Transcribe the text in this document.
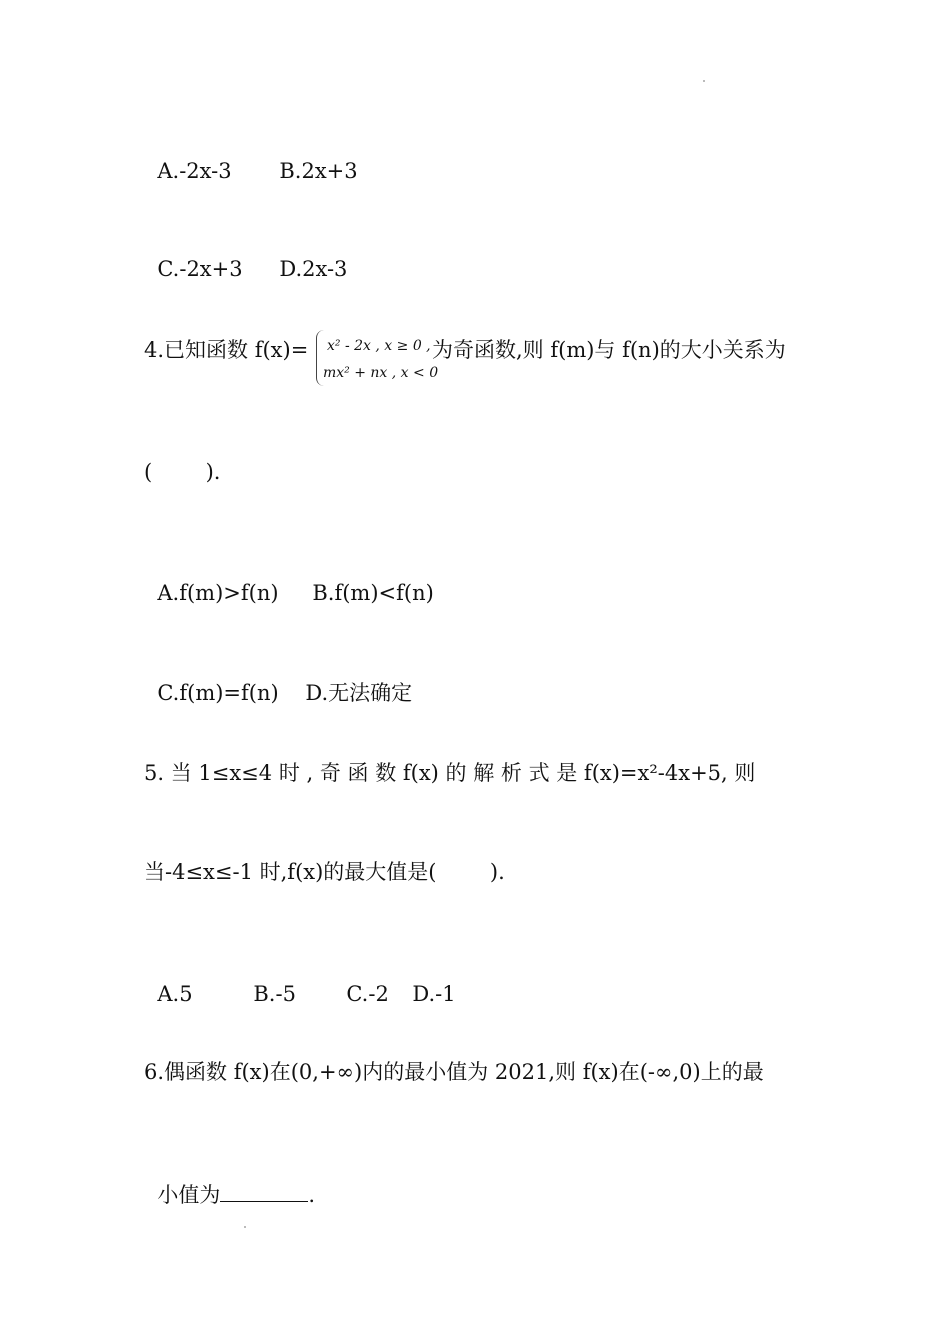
A.-2x-3 B.2x+3

C.-2x+3 D.2x-3

4.已知函数 f(x)= x² - 2x , x ≥ 0 ,
mx² + nx , x < 0
为奇函数,则 f(m)与 f(n)的大小关系为
(        ).

A.f(m)>f(n) B.f(m)<f(n)

C.f(m)=f(n) D.无法确定

5. 当 1≤x≤4 时 , 奇 函 数 f(x) 的 解 析 式 是 f(x)=x²-4x+5, 则
当-4≤x≤-1 时,f(x)的最大值是(        ).

A.5	B.-5 C.-2 D.-1

6.偶函数 f(x)在(0,+∞)内的最小值为 2021,则 f(x)在(-∞,0)上的最

小值为	.
